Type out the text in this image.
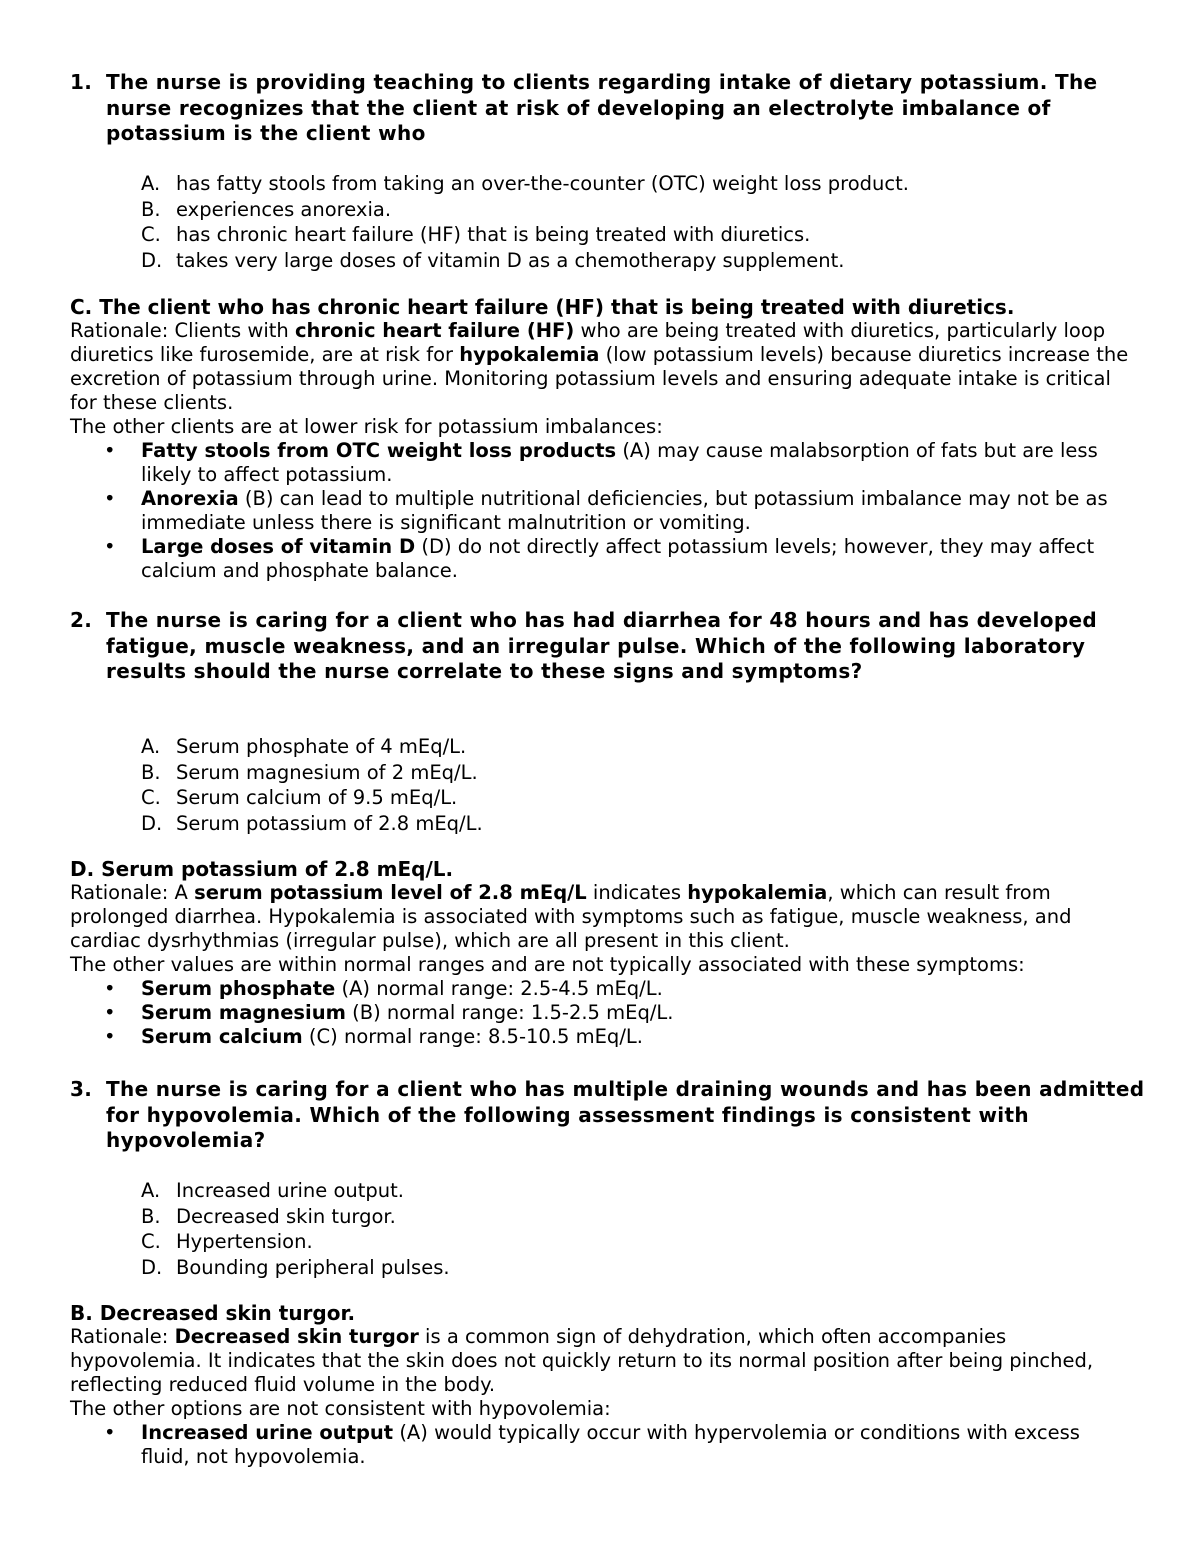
1. The nurse is providing teaching to clients regarding intake of dietary potassium. The nurse recognizes that the client at risk of developing an electrolyte imbalance of potassium is the client who
A. has fatty stools from taking an over-the-counter (OTC) weight loss product.
B. experiences anorexia.
C. has chronic heart failure (HF) that is being treated with diuretics.
D. takes very large doses of vitamin D as a chemotherapy supplement.
C. The client who has chronic heart failure (HF) that is being treated with diuretics.
Rationale: Clients with chronic heart failure (HF) who are being treated with diuretics, particularly loop diuretics like furosemide, are at risk for hypokalemia (low potassium levels) because diuretics increase the excretion of potassium through urine. Monitoring potassium levels and ensuring adequate intake is critical for these clients.
The other clients are at lower risk for potassium imbalances:
• Fatty stools from OTC weight loss products (A) may cause malabsorption of fats but are less likely to affect potassium.
• Anorexia (B) can lead to multiple nutritional deficiencies, but potassium imbalance may not be as immediate unless there is significant malnutrition or vomiting.
• Large doses of vitamin D (D) do not directly affect potassium levels; however, they may affect calcium and phosphate balance.
2. The nurse is caring for a client who has had diarrhea for 48 hours and has developed fatigue, muscle weakness, and an irregular pulse. Which of the following laboratory results should the nurse correlate to these signs and symptoms?
A. Serum phosphate of 4 mEq/L.
B. Serum magnesium of 2 mEq/L.
C. Serum calcium of 9.5 mEq/L.
D. Serum potassium of 2.8 mEq/L.
D. Serum potassium of 2.8 mEq/L.
Rationale: A serum potassium level of 2.8 mEq/L indicates hypokalemia, which can result from prolonged diarrhea. Hypokalemia is associated with symptoms such as fatigue, muscle weakness, and cardiac dysrhythmias (irregular pulse), which are all present in this client.
The other values are within normal ranges and are not typically associated with these symptoms:
• Serum phosphate (A) normal range: 2.5-4.5 mEq/L.
• Serum magnesium (B) normal range: 1.5-2.5 mEq/L.
• Serum calcium (C) normal range: 8.5-10.5 mEq/L.
3. The nurse is caring for a client who has multiple draining wounds and has been admitted for hypovolemia. Which of the following assessment findings is consistent with hypovolemia?
A. Increased urine output.
B. Decreased skin turgor.
C. Hypertension.
D. Bounding peripheral pulses.
B. Decreased skin turgor.
Rationale: Decreased skin turgor is a common sign of dehydration, which often accompanies hypovolemia. It indicates that the skin does not quickly return to its normal position after being pinched, reflecting reduced fluid volume in the body.
The other options are not consistent with hypovolemia:
• Increased urine output (A) would typically occur with hypervolemia or conditions with excess fluid, not hypovolemia.
